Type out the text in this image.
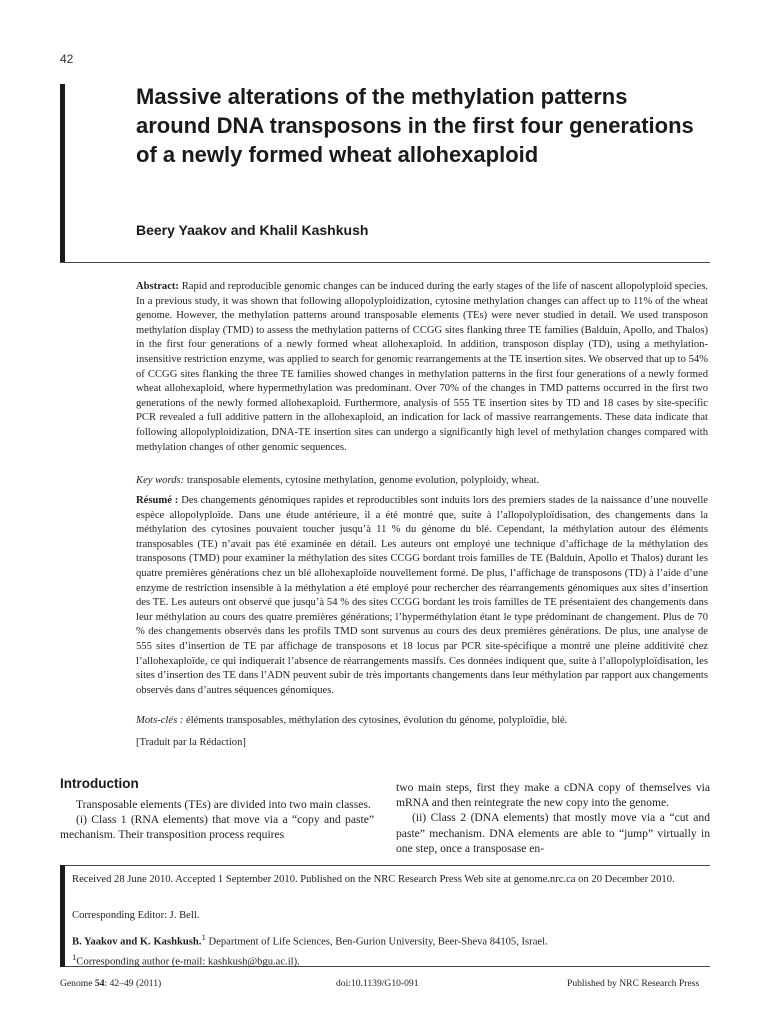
42
Massive alterations of the methylation patterns around DNA transposons in the first four generations of a newly formed wheat allohexaploid
Beery Yaakov and Khalil Kashkush
Abstract: Rapid and reproducible genomic changes can be induced during the early stages of the life of nascent allopolyploid species. In a previous study, it was shown that following allopolyploidization, cytosine methylation changes can affect up to 11% of the wheat genome. However, the methylation patterns around transposable elements (TEs) were never studied in detail. We used transposon methylation display (TMD) to assess the methylation patterns of CCGG sites flanking three TE families (Balduin, Apollo, and Thalos) in the first four generations of a newly formed wheat allohexaploid. In addition, transposon display (TD), using a methylation-insensitive restriction enzyme, was applied to search for genomic rearrangements at the TE insertion sites. We observed that up to 54% of CCGG sites flanking the three TE families showed changes in methylation patterns in the first four generations of a newly formed wheat allohexaploid, where hypermethylation was predominant. Over 70% of the changes in TMD patterns occurred in the first two generations of the newly formed allohexaploid. Furthermore, analysis of 555 TE insertion sites by TD and 18 cases by site-specific PCR revealed a full additive pattern in the allohexaploid, an indication for lack of massive rearrangements. These data indicate that following allopolyploidization, DNA-TE insertion sites can undergo a significantly high level of methylation changes compared with methylation changes of other genomic sequences.
Key words: transposable elements, cytosine methylation, genome evolution, polyploidy, wheat.
Résumé : Des changements génomiques rapides et reproductibles sont induits lors des premiers stades de la naissance d’une nouvelle espèce allopolyploïde. Dans une étude antérieure, il a été montré que, suite à l’allopolyploïdisation, des changements dans la méthylation des cytosines pouvaient toucher jusqu’à 11 % du génome du blé. Cependant, la méthylation autour des éléments transposables (TE) n’avait pas été examinée en détail. Les auteurs ont employé une technique d’affichage de la méthylation des transposons (TMD) pour examiner la méthylation des sites CCGG bordant trois familles de TE (Balduin, Apollo et Thalos) durant les quatre premières générations chez un blé allohexaploïde nouvellement formé. De plus, l’affichage de transposons (TD) à l’aide d’une enzyme de restriction insensible à la méthylation a été employé pour rechercher des réarrangements génomiques aux sites d’insertion des TE. Les auteurs ont observé que jusqu’à 54 % des sites CCGG bordant les trois familles de TE présentaient des changements dans leur méthylation au cours des quatre premières générations; l’hyperméthylation étant le type prédominant de changement. Plus de 70 % des changements observés dans les profils TMD sont survenus au cours des deux premières générations. De plus, une analyse de 555 sites d’insertion de TE par affichage de transposons et 18 locus par PCR site-spécifique a montré une pleine additivité chez l’allohexaploïde, ce qui indiquerait l’absence de réarrangements massifs. Ces données indiquent que, suite à l’allopolyploïdisation, les sites d’insertion des TE dans l’ADN peuvent subir de très importants changements dans leur méthylation par rapport aux changements observés dans d’autres séquences génomiques.
Mots-clés : éléments transposables, méthylation des cytosines, évolution du génome, polyploïdie, blé.
[Traduit par la Rédaction]
Introduction

Transposable elements (TEs) are divided into two main classes.

(i) Class 1 (RNA elements) that move via a “copy and paste” mechanism. Their transposition process requires

two main steps, first they make a cDNA copy of themselves via mRNA and then reintegrate the new copy into the genome.

(ii) Class 2 (DNA elements) that mostly move via a “cut and paste” mechanism. DNA elements are able to “jump” virtually in one step, once a transposase en-

Received 28 June 2010. Accepted 1 September 2010. Published on the NRC Research Press Web site at genome.nrc.ca on 20 December 2010.
Corresponding Editor: J. Bell.
B. Yaakov and K. Kashkush.$^1$ Department of Life Sciences, Ben-Gurion University, Beer-Sheva 84105, Israel.
$^1$Corresponding author (e-mail: kashkush@bgu.ac.il).
Genome 54: 42–49 (2011)	doi:10.1139/G10-091	Published by NRC Research Press
